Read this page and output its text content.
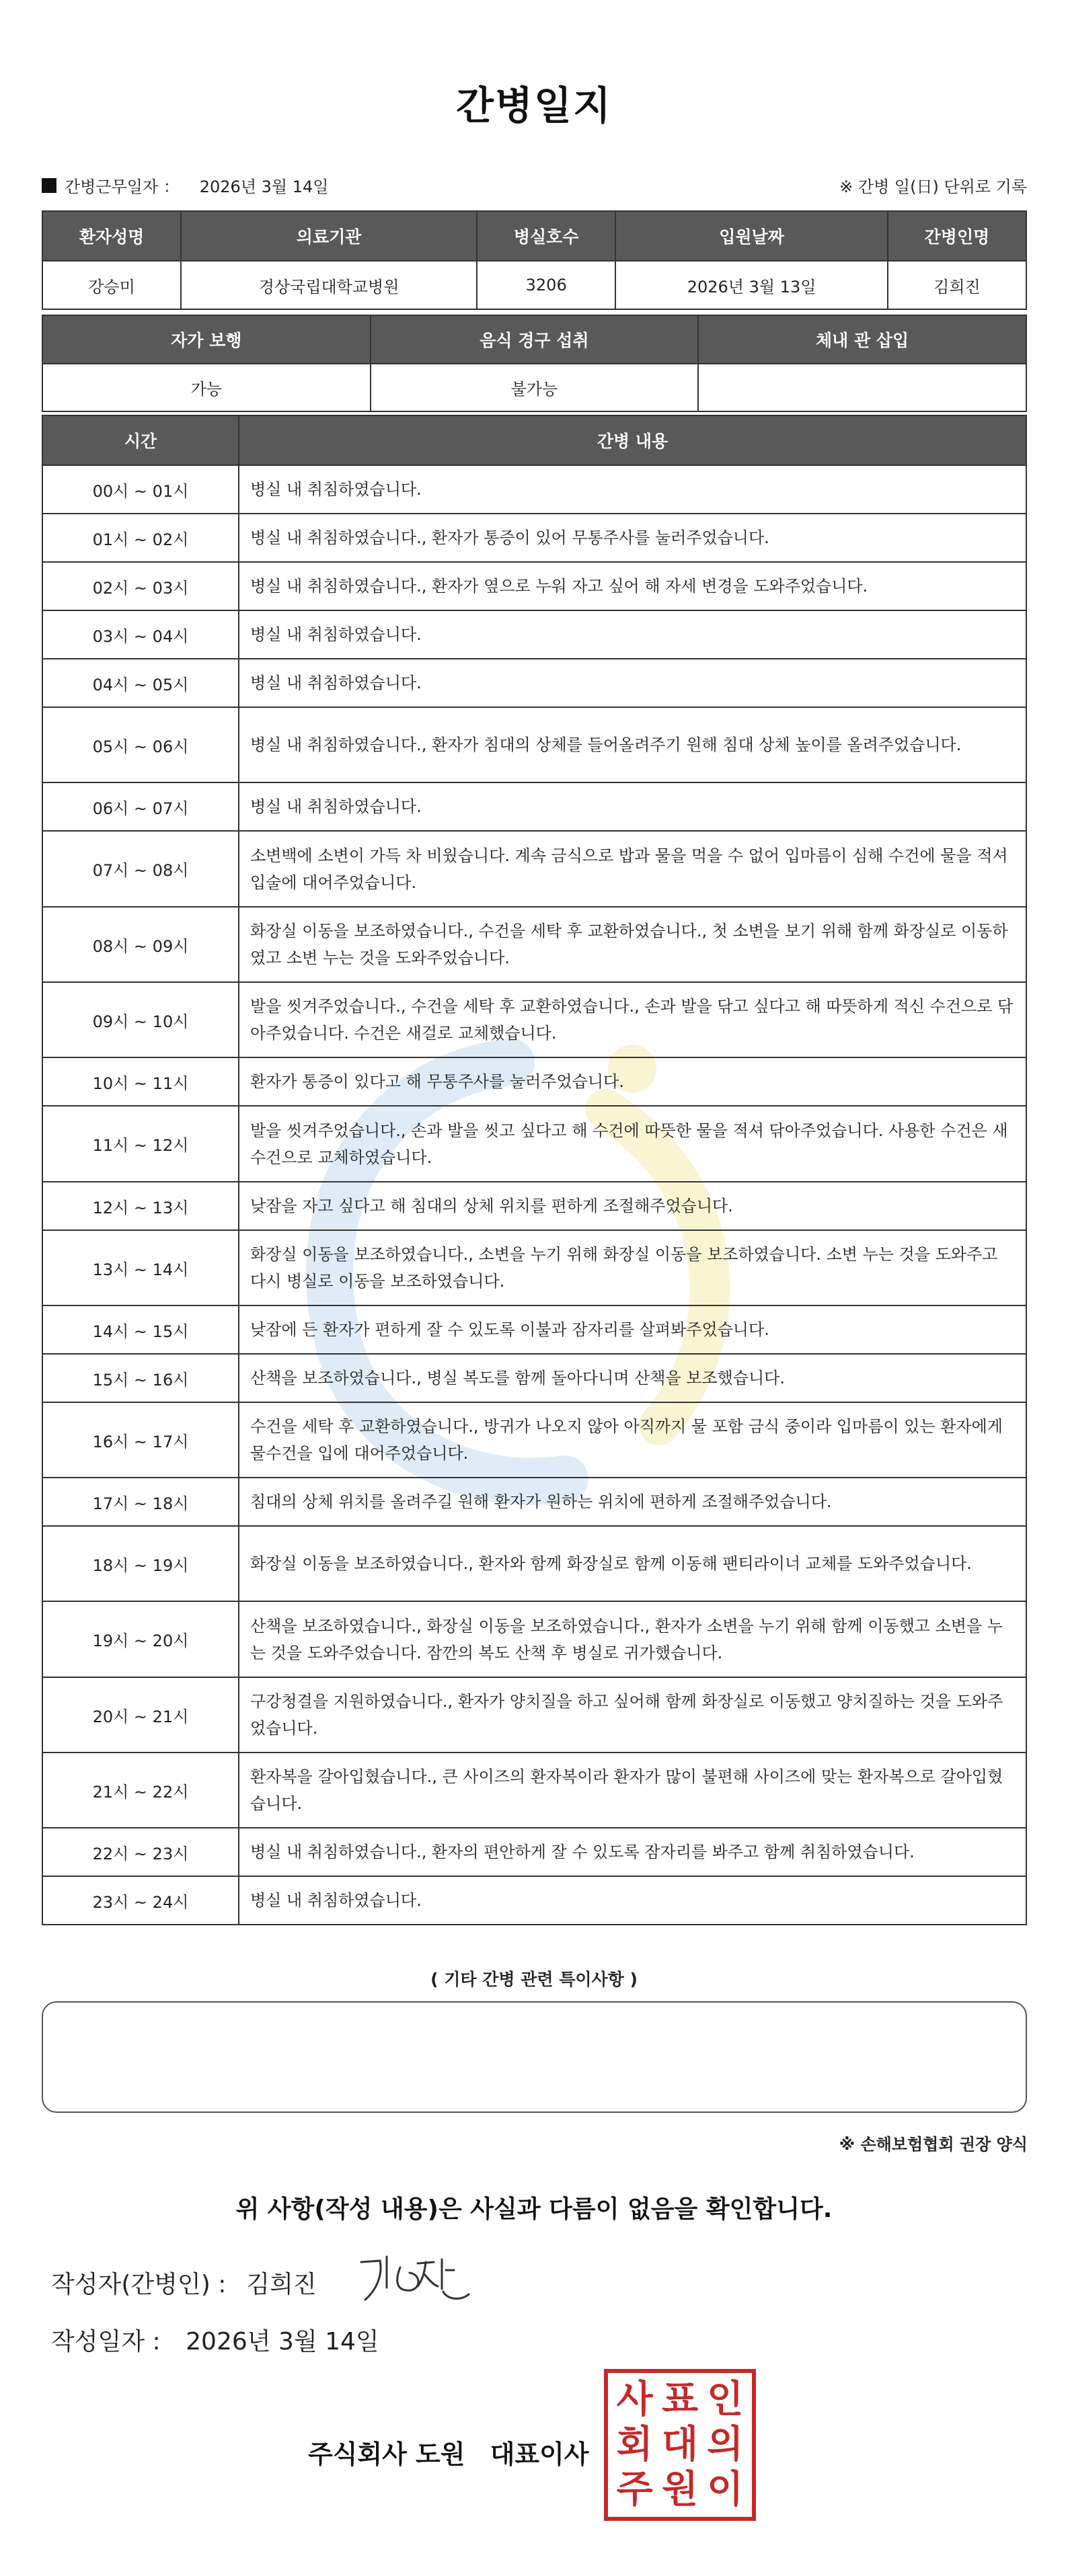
간병일지
간병근무일자 ： 2026년 3월 14일	※ 간병 일(日) 단위로 기록
환자성명	의료기관	병실호수	입원날짜	간병인명
강승미	경상국립대학교병원	3206	2026년 3월 13일	김희진
자가 보행	음식 경구 섭취	체내 관 삽입
가능	불가능	
시간	간병 내용
00시 ~ 01시	병실 내 취침하였습니다.
01시 ~ 02시	병실 내 취침하였습니다., 환자가 통증이 있어 무통주사를 눌러주었습니다.
02시 ~ 03시	병실 내 취침하였습니다., 환자가 옆으로 누워 자고 싶어 해 자세 변경을 도와주었습니다.
03시 ~ 04시	병실 내 취침하였습니다.
04시 ~ 05시	병실 내 취침하였습니다.
05시 ~ 06시	병실 내 취침하였습니다., 환자가 침대의 상체를 들어올려주기 원해 침대 상체 높이를 올려주었습니다.
06시 ~ 07시	병실 내 취침하였습니다.
07시 ~ 08시	소변백에 소변이 가득 차 비웠습니다. 계속 금식으로 밥과 물을 먹을 수 없어 입마름이 심해 수건에 물을 적셔 입술에 대어주었습니다.
08시 ~ 09시	화장실 이동을 보조하였습니다., 수건을 세탁 후 교환하였습니다., 첫 소변을 보기 위해 함께 화장실로 이동하였고 소변 누는 것을 도와주었습니다.
09시 ~ 10시	발을 씻겨주었습니다., 수건을 세탁 후 교환하였습니다., 손과 발을 닦고 싶다고 해 따뜻하게 적신 수건으로 닦아주었습니다. 수건은 새걸로 교체했습니다.
10시 ~ 11시	환자가 통증이 있다고 해 무통주사를 눌러주었습니다.
11시 ~ 12시	발을 씻겨주었습니다., 손과 발을 씻고 싶다고 해 수건에 따뜻한 물을 적셔 닦아주었습니다. 사용한 수건은 새 수건으로 교체하였습니다.
12시 ~ 13시	낮잠을 자고 싶다고 해 침대의 상체 위치를 편하게 조절해주었습니다.
13시 ~ 14시	화장실 이동을 보조하였습니다., 소변을 누기 위해 화장실 이동을 보조하였습니다. 소변 누는 것을 도와주고 다시 병실로 이동을 보조하였습니다.
14시 ~ 15시	낮잠에 든 환자가 편하게 잘 수 있도록 이불과 잠자리를 살펴봐주었습니다.
15시 ~ 16시	산책을 보조하였습니다., 병실 복도를 함께 돌아다니며 산책을 보조했습니다.
16시 ~ 17시	수건을 세탁 후 교환하였습니다., 방귀가 나오지 않아 아직까지 물 포함 금식 중이라 입마름이 있는 환자에게 물수건을 입에 대어주었습니다.
17시 ~ 18시	침대의 상체 위치를 올려주길 원해 환자가 원하는 위치에 편하게 조절해주었습니다.
18시 ~ 19시	화장실 이동을 보조하였습니다., 환자와 함께 화장실로 함께 이동해 팬티라이너 교체를 도와주었습니다.
19시 ~ 20시	산책을 보조하였습니다., 화장실 이동을 보조하였습니다., 환자가 소변을 누기 위해 함께 이동했고 소변을 누는 것을 도와주었습니다. 잠깐의 복도 산책 후 병실로 귀가했습니다.
20시 ~ 21시	구강청결을 지원하였습니다., 환자가 양치질을 하고 싶어해 함께 화장실로 이동했고 양치질하는 것을 도와주었습니다.
21시 ~ 22시	환자복을 갈아입혔습니다., 큰 사이즈의 환자복이라 환자가 많이 불편해 사이즈에 맞는 환자복으로 갈아입혔습니다.
22시 ~ 23시	병실 내 취침하였습니다., 환자의 편안하게 잘 수 있도록 잠자리를 봐주고 함께 취침하였습니다.
23시 ~ 24시	병실 내 취침하였습니다.
( 기타 간병 관련 특이사항 )
※ 손해보험협회 권장 양식
위 사항(작성 내용)은 사실과 다름이 없음을 확인합니다.
작성자(간병인) : 김희진
작성일자 : 2026년 3월 14일
주식회사 도원 대표이사
사 표 인
회 대 의
주 원 이
